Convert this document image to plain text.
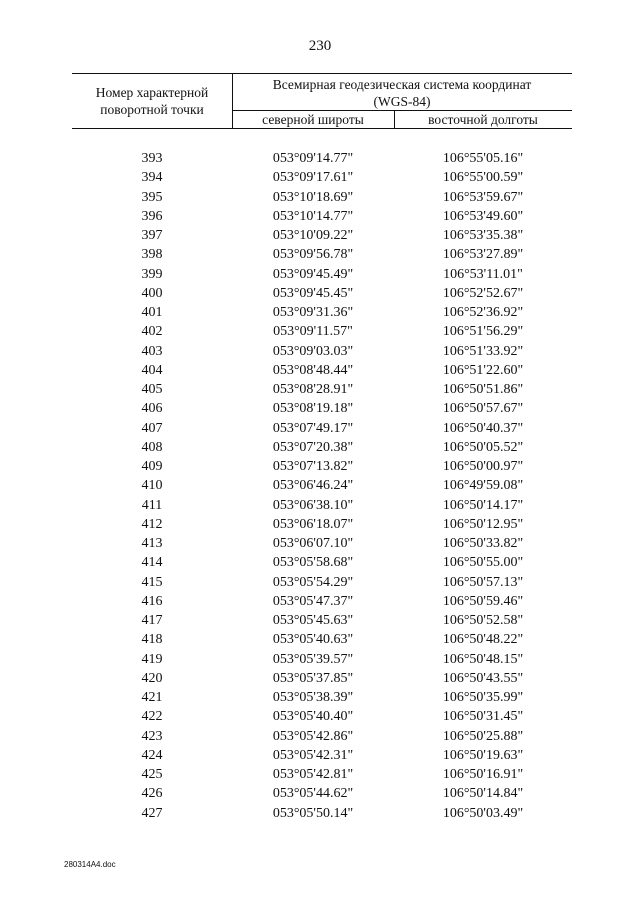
230
Номер характерной поворотной точки
Всемирная геодезическая система координат
(WGS-84)
северной широты	восточной долготы
393	053°09'14.77"	106°55'05.16"
394	053°09'17.61"	106°55'00.59"
395	053°10'18.69"	106°53'59.67"
396	053°10'14.77"	106°53'49.60"
397	053°10'09.22"	106°53'35.38"
398	053°09'56.78"	106°53'27.89"
399	053°09'45.49"	106°53'11.01"
400	053°09'45.45"	106°52'52.67"
401	053°09'31.36"	106°52'36.92"
402	053°09'11.57"	106°51'56.29"
403	053°09'03.03"	106°51'33.92"
404	053°08'48.44"	106°51'22.60"
405	053°08'28.91"	106°50'51.86"
406	053°08'19.18"	106°50'57.67"
407	053°07'49.17"	106°50'40.37"
408	053°07'20.38"	106°50'05.52"
409	053°07'13.82"	106°50'00.97"
410	053°06'46.24"	106°49'59.08"
411	053°06'38.10"	106°50'14.17"
412	053°06'18.07"	106°50'12.95"
413	053°06'07.10"	106°50'33.82"
414	053°05'58.68"	106°50'55.00"
415	053°05'54.29"	106°50'57.13"
416	053°05'47.37"	106°50'59.46"
417	053°05'45.63"	106°50'52.58"
418	053°05'40.63"	106°50'48.22"
419	053°05'39.57"	106°50'48.15"
420	053°05'37.85"	106°50'43.55"
421	053°05'38.39"	106°50'35.99"
422	053°05'40.40"	106°50'31.45"
423	053°05'42.86"	106°50'25.88"
424	053°05'42.31"	106°50'19.63"
425	053°05'42.81"	106°50'16.91"
426	053°05'44.62"	106°50'14.84"
427	053°05'50.14"	106°50'03.49"
280314A4.doc
